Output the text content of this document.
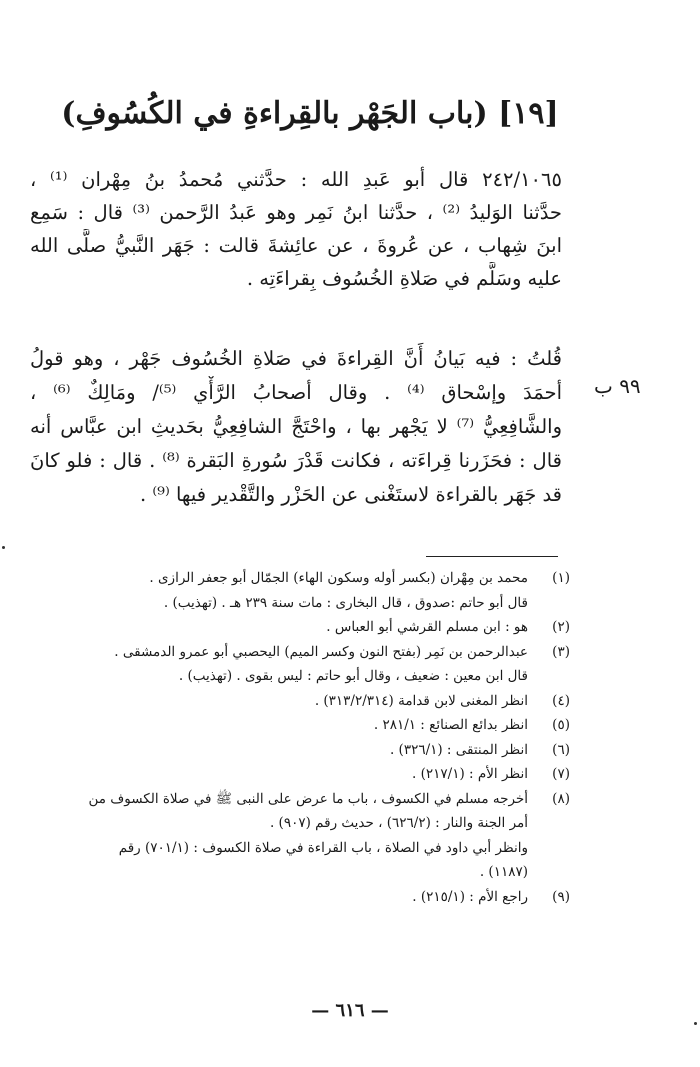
[١٩] (باب الجَهْر بالقِراءةِ في الكُسُوفِ)
٢٤٢/١٠٦٥ قال أبو عَبدِ الله : حدَّثني مُحمدُ بنُ مِهْران ⁽¹⁾ ،
حدَّثنا الوَليدُ ⁽²⁾ ، حدَّثنا ابنُ نَمِر وهو عَبدُ الرَّحمن ⁽³⁾ قال : سَمِع
ابنَ شِهاب ، عن عُروةَ ، عن عائِشةَ قالت : جَهَر النَّبيُّ صلَّى الله
عليه وسَلَّم في صَلاةِ الخُسُوف بِقراءَتِه .
قُلتُ : فيه بَيانُ أَنَّ القِراءةَ في صَلاةِ الخُسُوف جَهْر ، وهو قولُ
أحمَدَ وإسْحاق ⁽⁴⁾ . وقال أصحابُ الرَّأْي ⁽⁵⁾/ ومَالِكٌ ⁽⁶⁾ ،
والشَّافِعِيُّ ⁽⁷⁾ لا يَجْهر بها ، واحْتَجَّ الشافِعِيُّ بحَديثِ ابن عبَّاس أنه
قال : فحَزَرنا قِراءَته ، فكانت قَدْرَ سُورةِ البَقرة ⁽⁸⁾ . قال : فلو كانَ
قد جَهَر بالقراءة لاستَغْنى عن الحَزْر والتَّقْدير فيها ⁽⁹⁾ .
٩٩ ب
(١)
محمد بن مِهْران (بكسر أوله وسكون الهاء) الجمّال أبو جعفر الرازى .
قال أبو حاتم :صدوق ، قال البخارى : مات سنة ٢٣٩ هـ . (تهذيب) .
(٢)
هو : ابن مسلم القرشي أبو العباس .
(٣)
عبدالرحمن بن نَمِر (بفتح النون وكسر الميم) اليحصبي أبو عمرو الدمشقى .
قال ابن معين : ضعيف ، وقال أبو حاتم : ليس بقوى . (تهذيب) .
(٤)
انظر المغنى لابن قدامة (٣١٣/٢/٣١٤) .
(٥)
انظر بدائع الصنائع : ٢٨١/١ .
(٦)
انظر المنتقى : (٣٢٦/١) .
(٧)
انظر الأم : (٢١٧/١) .
(٨)
أخرجه مسلم في الكسوف ، باب ما عرض على النبى ﷺ في صلاة الكسوف من
أمر الجنة والنار : (٦٢٦/٢) ، حديث رقم (٩٠٧) .
وانظر أبي داود في الصلاة ، باب القراءة في صلاة الكسوف : (٧٠١/١) رقم
(١١٨٧) .
(٩)
راجع الأم : (٢١٥/١) .
— ٦١٦ —
